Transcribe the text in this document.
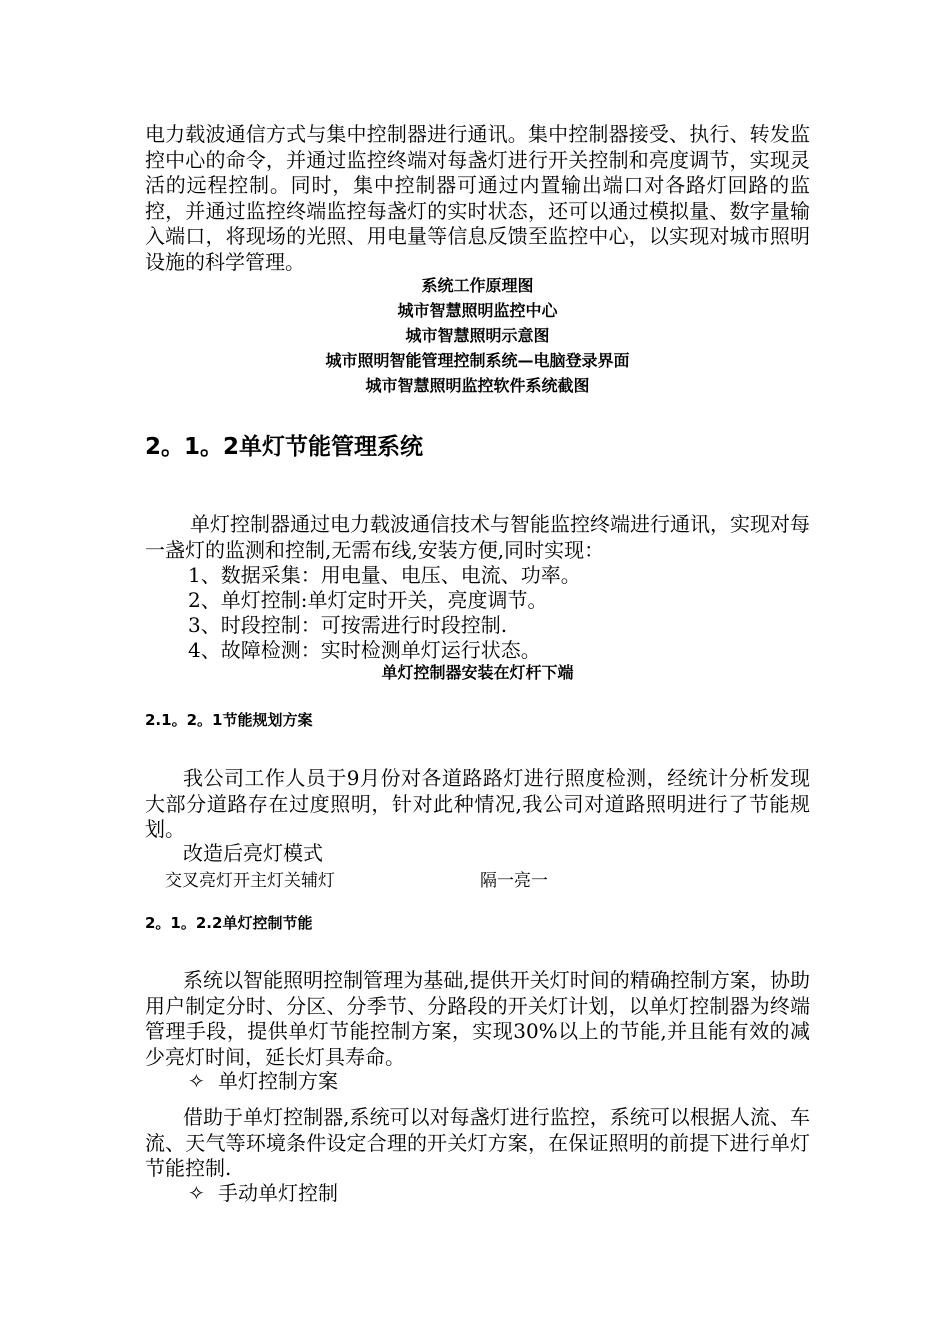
电力载波通信方式与集中控制器进行通讯。集中控制器接受、执行、转发监控中心的命令，并通过监控终端对每盏灯进行开关控制和亮度调节，实现灵活的远程控制。同时，集中控制器可通过内置输出端口对各路灯回路的监控，并通过监控终端监控每盏灯的实时状态，还可以通过模拟量、数字量输入端口，将现场的光照、用电量等信息反馈至监控中心，以实现对城市照明设施的科学管理。
系统工作原理图
城市智慧照明监控中心
城市智慧照明示意图
城市照明智能管理控制系统—电脑登录界面
城市智慧照明监控软件系统截图
2。1。2单灯节能管理系统
单灯控制器通过电力载波通信技术与智能监控终端进行通讯，实现对每一盏灯的监测和控制,无需布线,安装方便,同时实现：
1、数据采集：用电量、电压、电流、功率。
2、单灯控制:单灯定时开关，亮度调节。
3、时段控制：可按需进行时段控制.
4、故障检测：实时检测单灯运行状态。
单灯控制器安装在灯杆下端
2.1。2。1节能规划方案
我公司工作人员于9月份对各道路路灯进行照度检测，经统计分析发现大部分道路存在过度照明，针对此种情况,我公司对道路照明进行了节能规划。
改造后亮灯模式
交叉亮灯开主灯关辅灯	隔一亮一
2。1。2.2单灯控制节能
系统以智能照明控制管理为基础,提供开关灯时间的精确控制方案，协助用户制定分时、分区、分季节、分路段的开关灯计划，以单灯控制器为终端管理手段，提供单灯节能控制方案，实现30%以上的节能,并且能有效的减少亮灯时间，延长灯具寿命。
✧ 单灯控制方案
借助于单灯控制器,系统可以对每盏灯进行监控，系统可以根据人流、车流、天气等环境条件设定合理的开关灯方案，在保证照明的前提下进行单灯节能控制.
✧ 手动单灯控制
